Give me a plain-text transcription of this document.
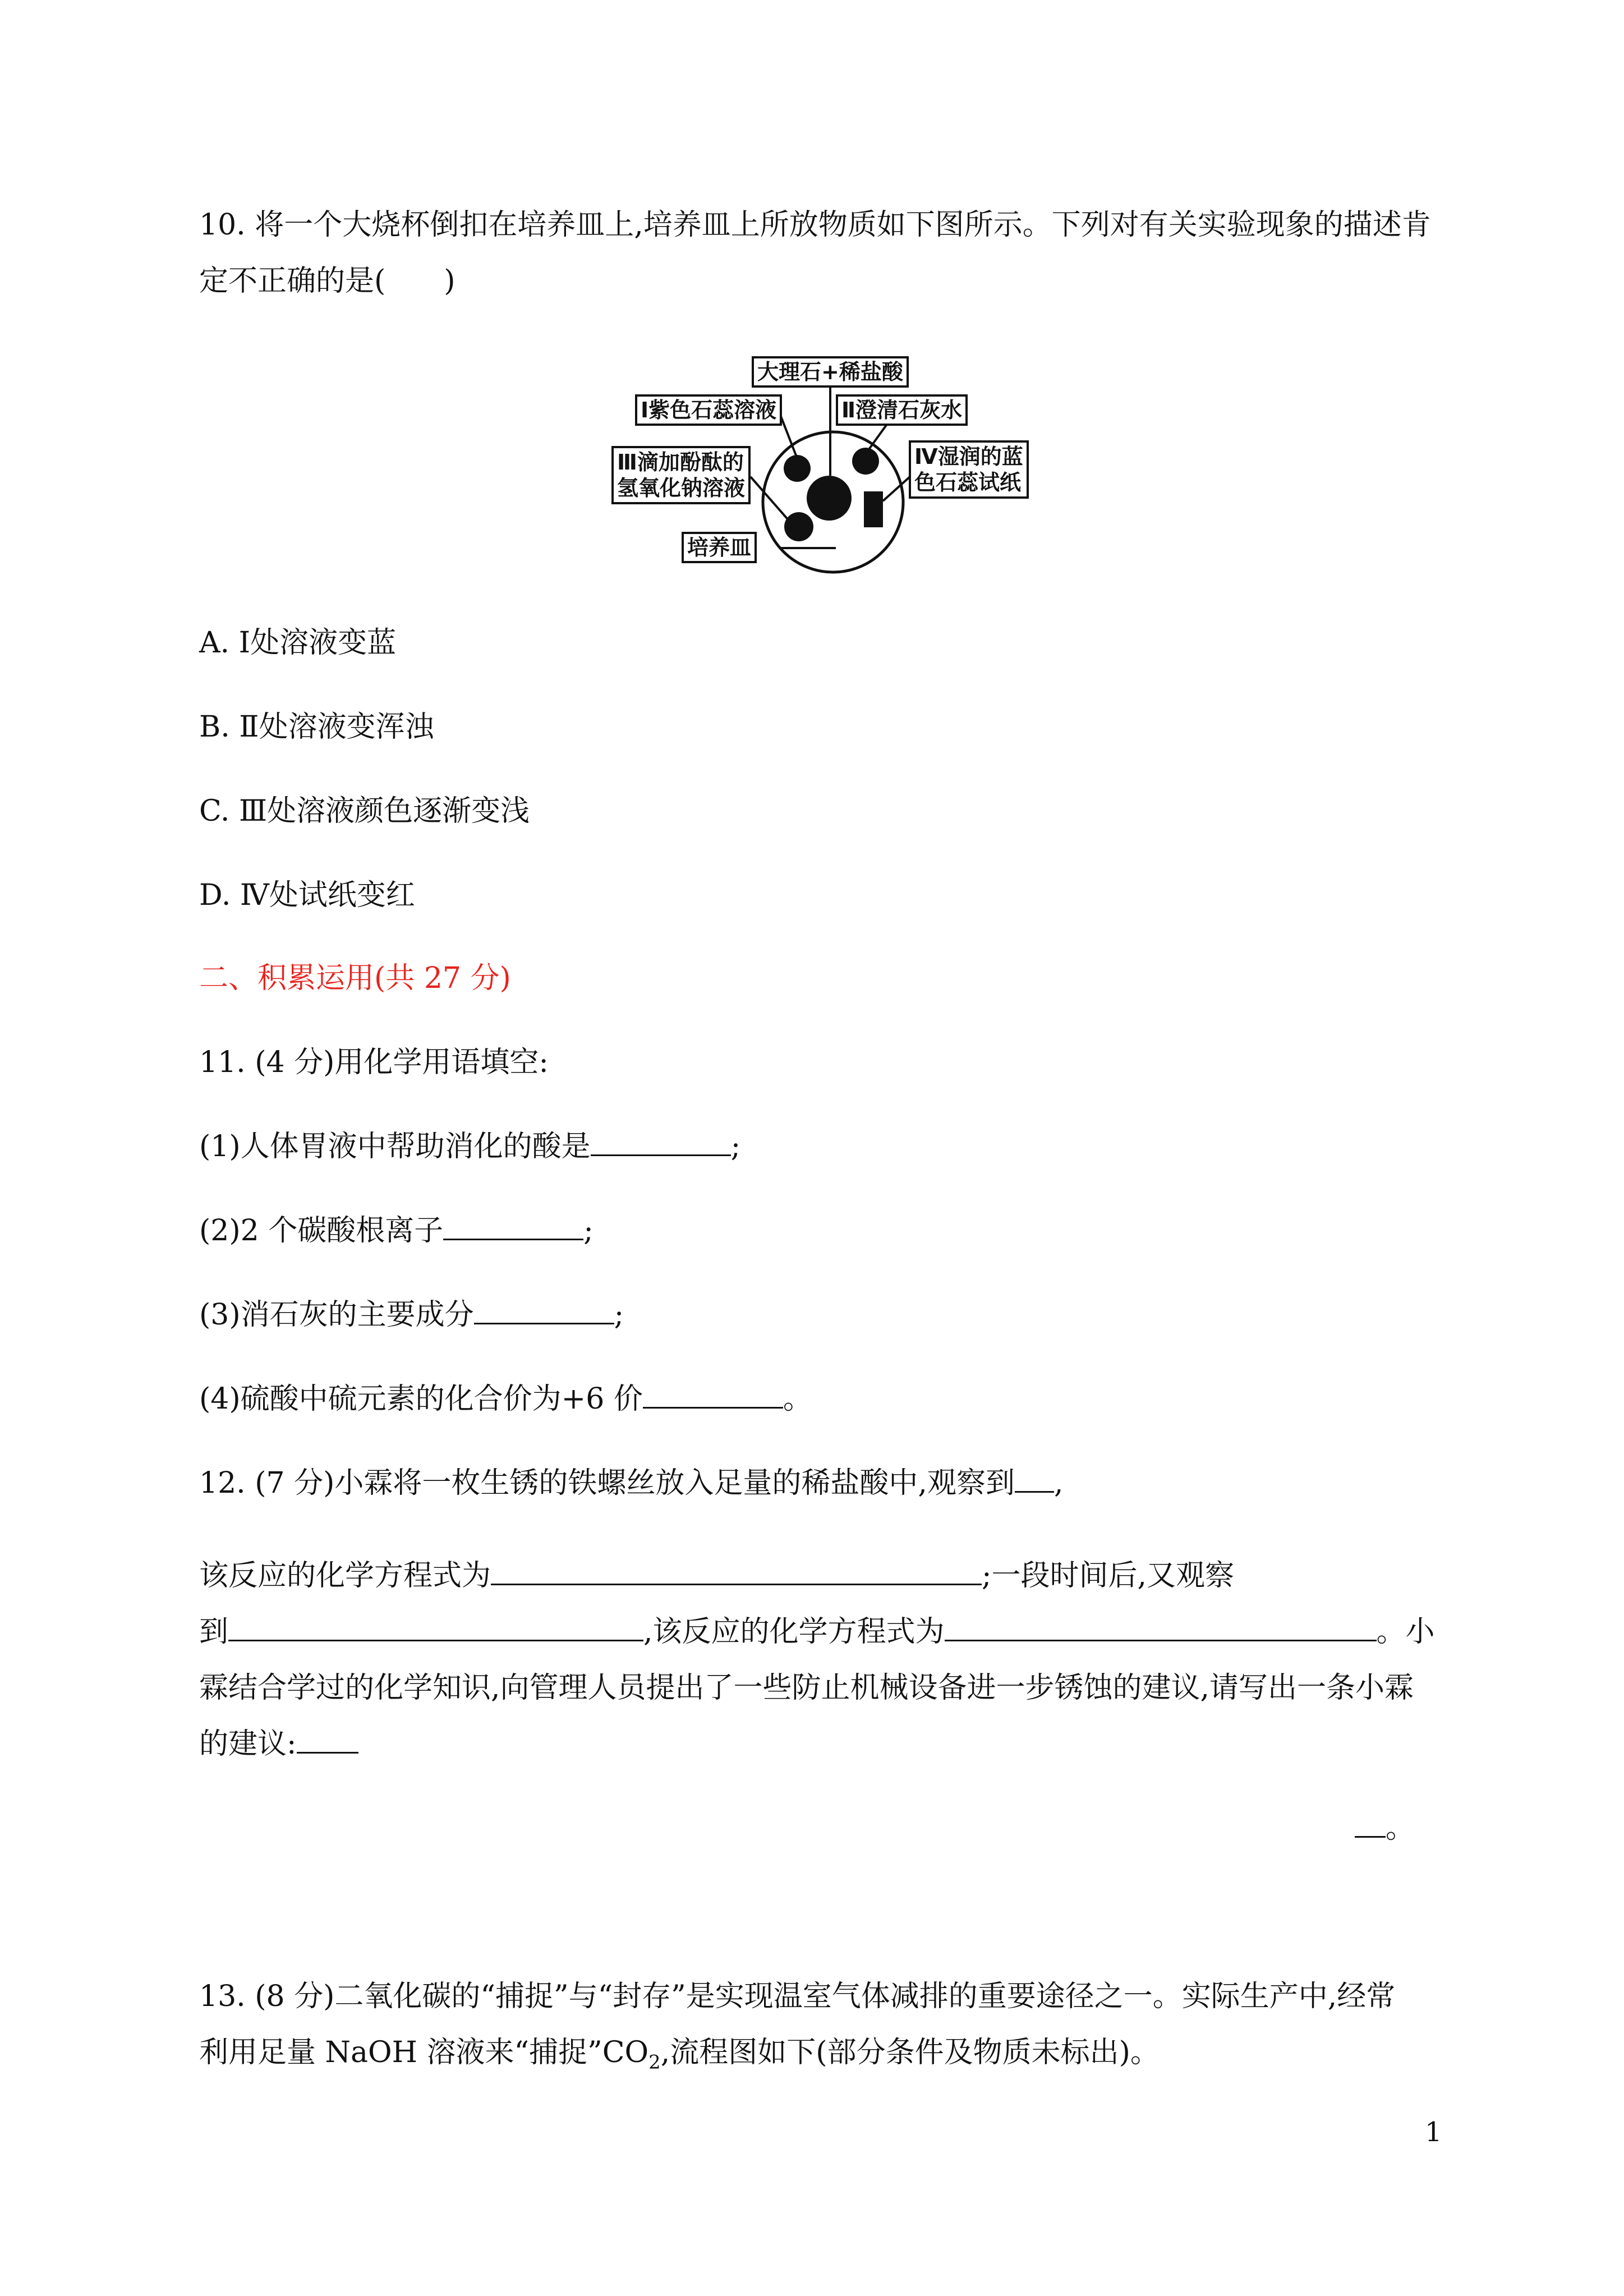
10. 将一个大烧杯倒扣在培养皿上,培养皿上所放物质如下图所示。下列对有关实验现象的描述肯
定不正确的是(　　)
大理石+稀盐酸
Ⅰ紫色石蕊溶液	Ⅱ澄清石灰水
Ⅲ滴加酚酞的
氢氧化钠溶液
Ⅳ湿润的蓝
色石蕊试纸
培养皿
A. Ⅰ处溶液变蓝
B. Ⅱ处溶液变浑浊
C. Ⅲ处溶液颜色逐渐变浅
D. Ⅳ处试纸变红
二、积累运用(共 27 分)
11. (4 分)用化学用语填空:
(1)人体胃液中帮助消化的酸是	;
(2)2 个碳酸根离子	;
(3)消石灰的主要成分	;
(4)硫酸中硫元素的化合价为+6 价	。
12. (7 分)小霖将一枚生锈的铁螺丝放入足量的稀盐酸中,观察到 ,
该反应的化学方程式为	;一段时间后,又观察
到	,该反应的化学方程式为	。小
霖结合学过的化学知识,向管理人员提出了一些防止机械设备进一步锈蚀的建议,请写出一条小霖
的建议:
。
13. (8 分)二氧化碳的“捕捉”与“封存”是实现温室气体减排的重要途径之一。实际生产中,经常
利用足量 NaOH 溶液来“捕捉$”CO_2$,流程图如下(部分条件及物质未标出)。
1
